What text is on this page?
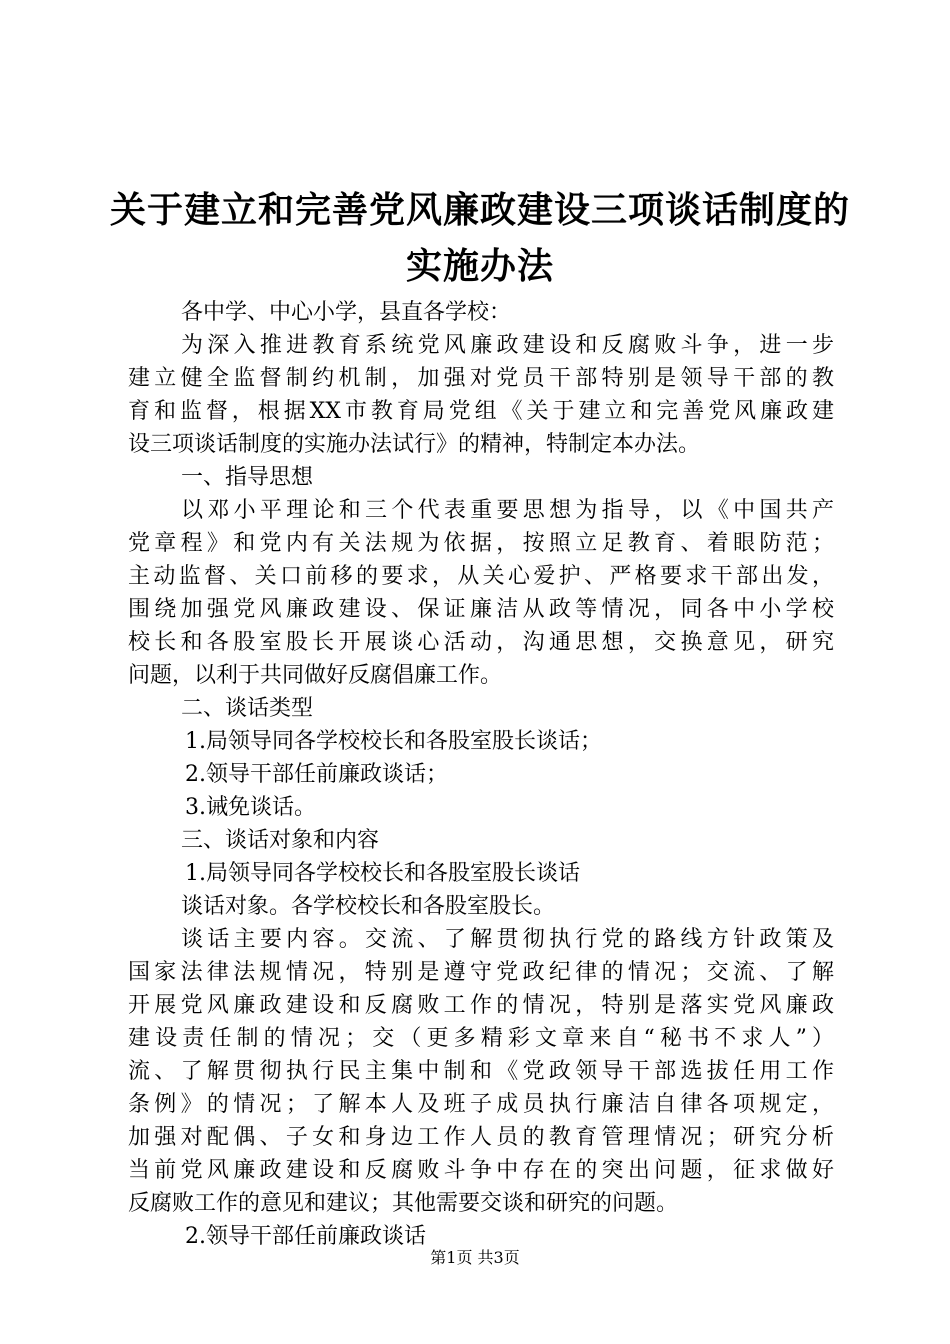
关于建立和完善党风廉政建设三项谈话制度的
实施办法
各中学、中心小学，县直各学校：
为深入推进教育系统党风廉政建设和反腐败斗争，进一步
建立健全监督制约机制，加强对党员干部特别是领导干部的教
育和监督，根据XX市教育局党组《关于建立和完善党风廉政建
设三项谈话制度的实施办法试行》的精神，特制定本办法。
一、指导思想
以邓小平理论和三个代表重要思想为指导，以《中国共产
党章程》和党内有关法规为依据，按照立足教育、着眼防范；
主动监督、关口前移的要求，从关心爱护、严格要求干部出发，
围绕加强党风廉政建设、保证廉洁从政等情况，同各中小学校
校长和各股室股长开展谈心活动，沟通思想，交换意见，研究
问题，以利于共同做好反腐倡廉工作。
二、谈话类型
1.局领导同各学校校长和各股室股长谈话；
2.领导干部任前廉政谈话；
3.诫免谈话。
三、谈话对象和内容
1.局领导同各学校校长和各股室股长谈话
谈话对象。各学校校长和各股室股长。
谈话主要内容。交流、了解贯彻执行党的路线方针政策及
国家法律法规情况，特别是遵守党政纪律的情况；交流、了解
开展党风廉政建设和反腐败工作的情况，特别是落实党风廉政
建设责任制的情况；交（更多精彩文章来自“秘书不求人”）
流、了解贯彻执行民主集中制和《党政领导干部选拔任用工作
条例》的情况；了解本人及班子成员执行廉洁自律各项规定，
加强对配偶、子女和身边工作人员的教育管理情况；研究分析
当前党风廉政建设和反腐败斗争中存在的突出问题，征求做好
反腐败工作的意见和建议；其他需要交谈和研究的问题。
2.领导干部任前廉政谈话
第1页 共3页
